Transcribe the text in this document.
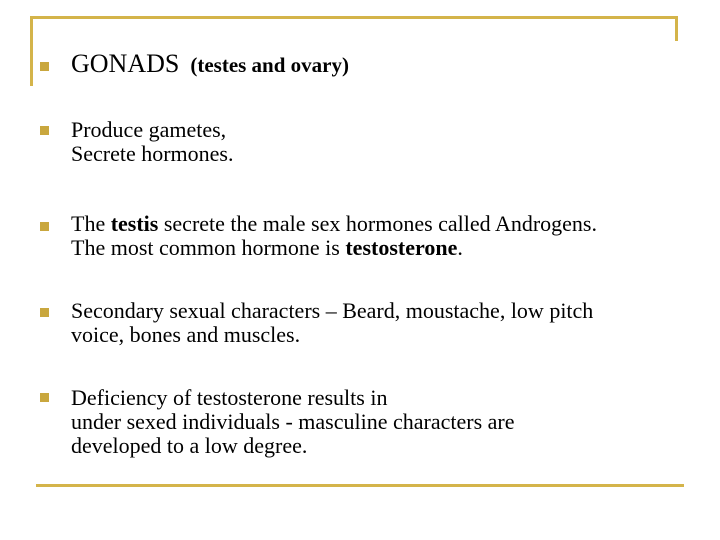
GONADS (testes and ovary)
Produce gametes,
Secrete hormones.
The testis secrete the male sex hormones called Androgens.
The most common hormone is testosterone.
Secondary sexual characters – Beard, moustache, low pitch
voice, bones and muscles.
Deficiency of testosterone results in
under sexed individuals - masculine characters are
developed to a low degree.
